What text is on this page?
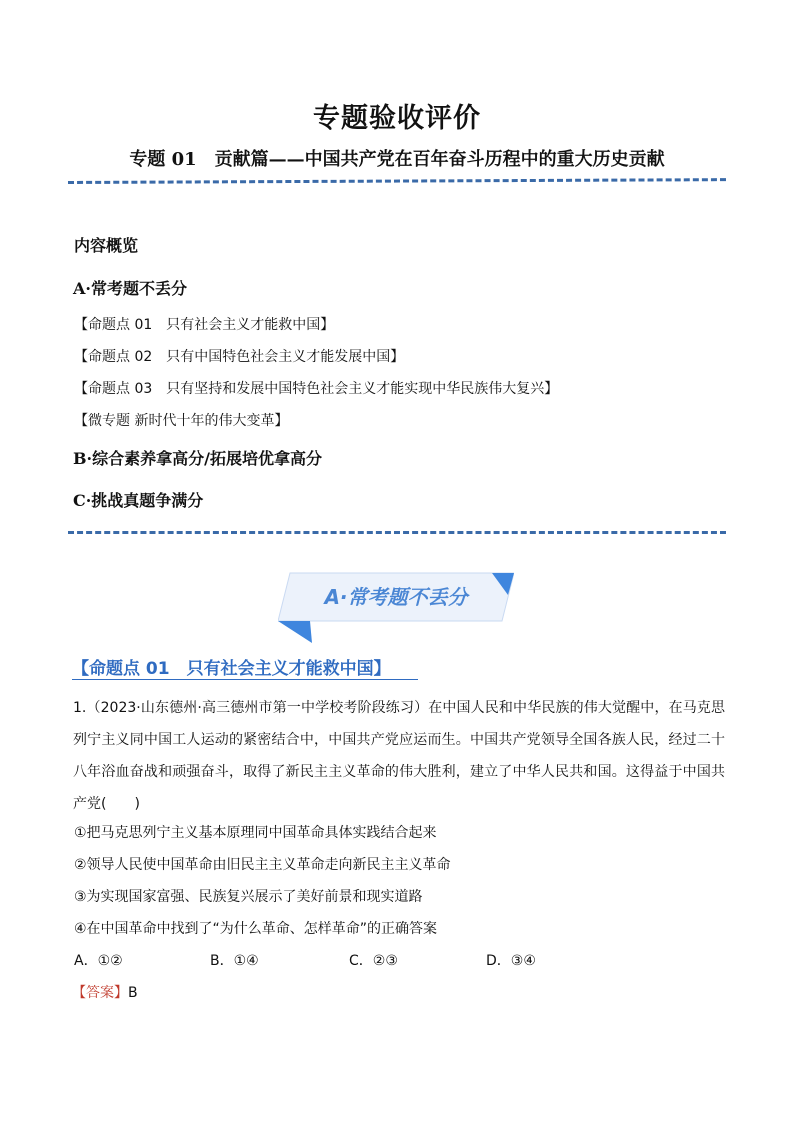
专题验收评价
专题 01　贡献篇——中国共产党在百年奋斗历程中的重大历史贡献
内容概览
A·常考题不丢分
【命题点 01　只有社会主义才能救中国】
【命题点 02　只有中国特色社会主义才能发展中国】
【命题点 03　只有坚持和发展中国特色社会主义才能实现中华民族伟大复兴】
【微专题 新时代十年的伟大变革】
B·综合素养拿高分/拓展培优拿高分
C·挑战真题争满分
A·常考题不丢分
【命题点 01　只有社会主义才能救中国】
1.（2023·山东德州·高三德州市第一中学校考阶段练习）在中国人民和中华民族的伟大觉醒中，在马克思列宁主义同中国工人运动的紧密结合中，中国共产党应运而生。中国共产党领导全国各族人民，经过二十八年浴血奋战和顽强奋斗，取得了新民主主义革命的伟大胜利，建立了中华人民共和国。这得益于中国共产党(　　)
①把马克思列宁主义基本原理同中国革命具体实践结合起来
②领导人民使中国革命由旧民主主义革命走向新民主主义革命
③为实现国家富强、民族复兴展示了美好前景和现实道路
④在中国革命中找到了“为什么革命、怎样革命”的正确答案
A．①②	B．①④	C．②③	D．③④
【答案】B
